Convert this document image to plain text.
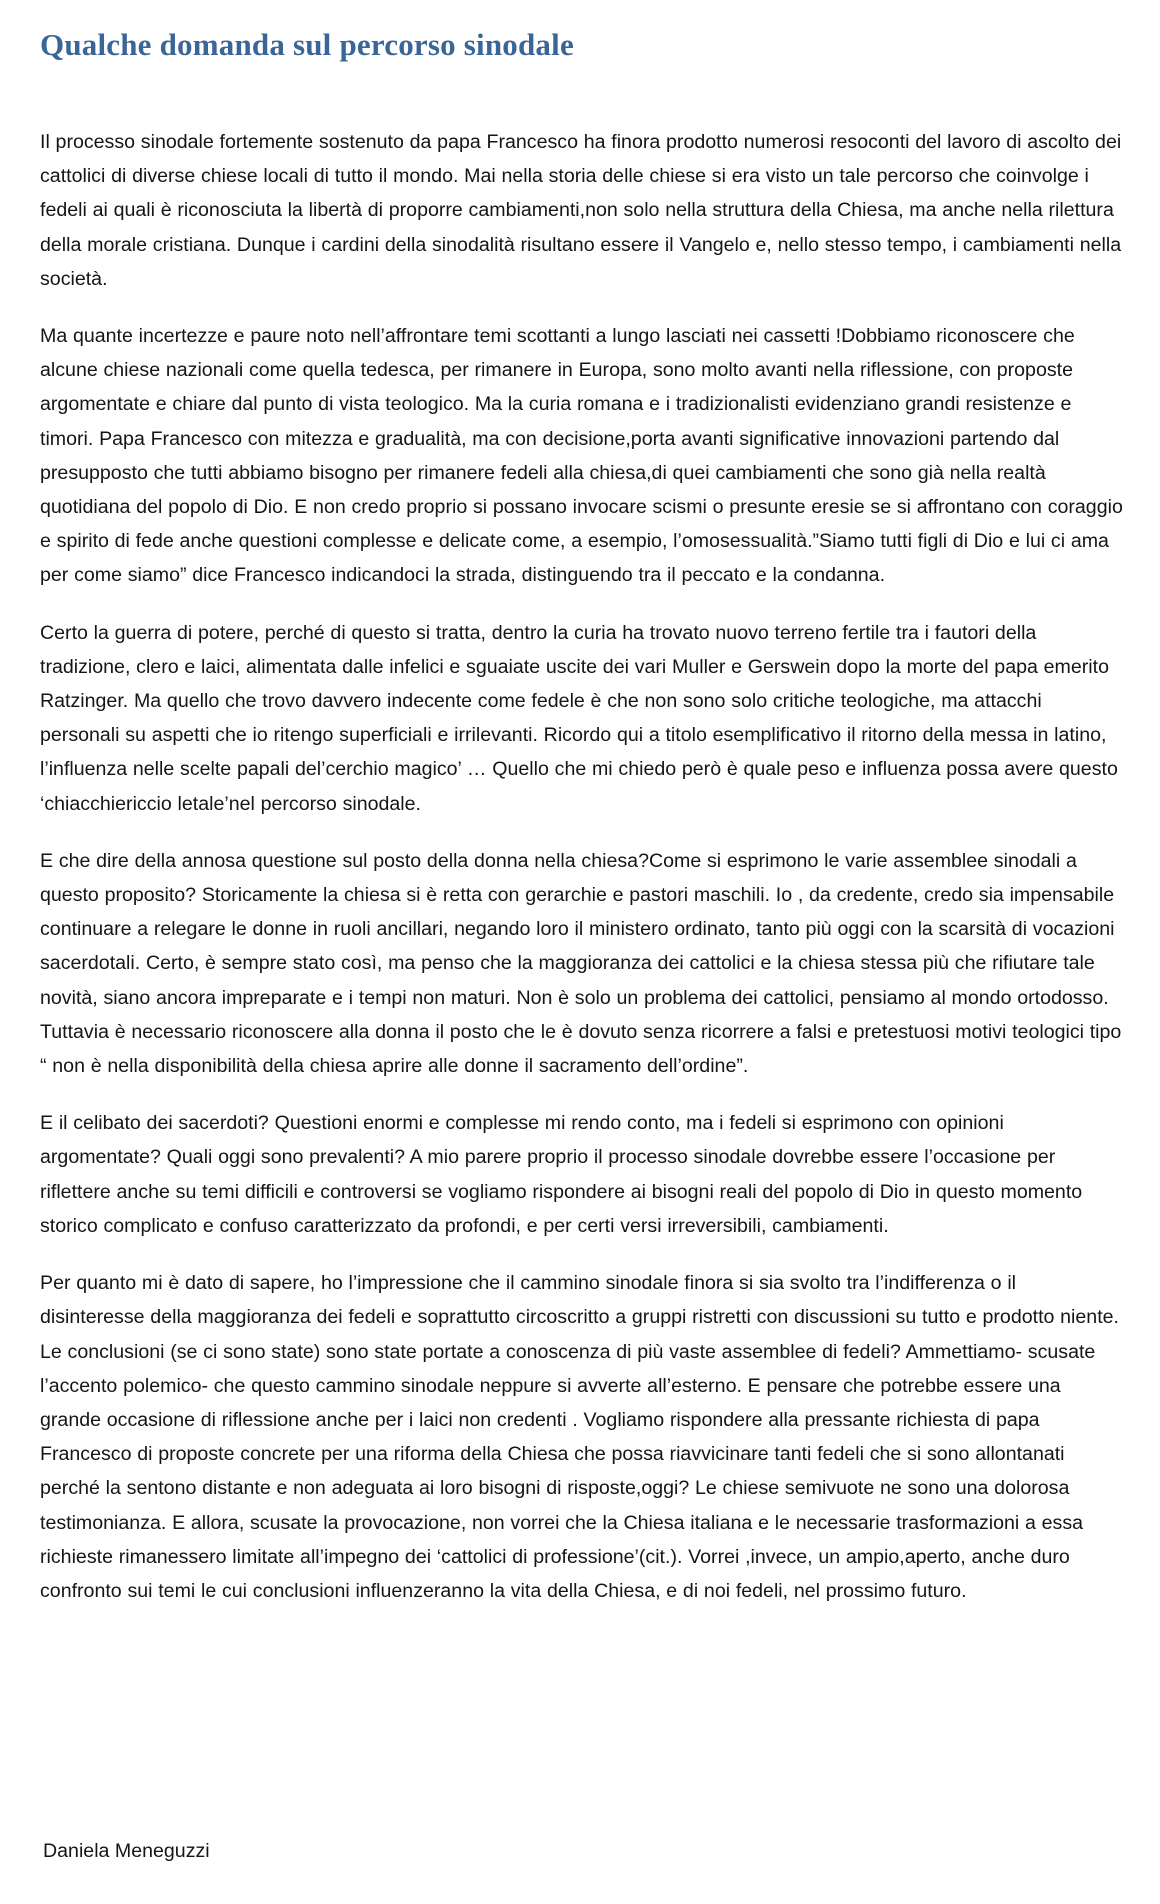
Qualche domanda sul percorso sinodale

Il processo sinodale fortemente sostenuto da papa Francesco ha finora prodotto numerosi resoconti del lavoro di ascolto dei cattolici di diverse chiese locali di tutto il mondo. Mai nella storia delle chiese si era visto un tale percorso che coinvolge i fedeli ai quali è riconosciuta la libertà di proporre cambiamenti,non solo nella struttura della Chiesa, ma anche nella rilettura della morale cristiana. Dunque i cardini della sinodalità risultano essere il Vangelo e, nello stesso tempo, i cambiamenti nella società.

Ma quante incertezze e paure noto nell’affrontare temi scottanti a lungo lasciati nei cassetti !Dobbiamo riconoscere che alcune chiese nazionali come quella tedesca, per rimanere in Europa, sono molto avanti nella riflessione, con proposte argomentate e chiare dal punto di vista teologico. Ma la curia romana e i tradizionalisti evidenziano grandi resistenze e timori. Papa Francesco con mitezza e gradualità, ma con decisione,porta avanti significative innovazioni partendo dal presupposto che tutti abbiamo bisogno per rimanere fedeli alla chiesa,di quei cambiamenti che sono già nella realtà quotidiana del popolo di Dio. E non credo proprio si possano invocare scismi o presunte eresie se si affrontano con coraggio e spirito di fede anche questioni complesse e delicate come, a esempio, l’omosessualità.”Siamo tutti figli di Dio e lui ci ama per come siamo” dice Francesco indicandoci la strada, distinguendo tra il peccato e la condanna.

Certo la guerra di potere, perché di questo si tratta, dentro la curia ha trovato nuovo terreno fertile tra i fautori della tradizione, clero e laici, alimentata dalle infelici e sguaiate uscite dei vari Muller e Gerswein dopo la morte del papa emerito Ratzinger. Ma quello che trovo davvero indecente come fedele è che non sono solo critiche teologiche, ma attacchi personali su aspetti che io ritengo superficiali e irrilevanti. Ricordo qui a titolo esemplificativo il ritorno della messa in latino, l’influenza nelle scelte papali del’cerchio magico’ … Quello che mi chiedo però è quale peso e influenza possa avere questo ‘chiacchiericcio letale’nel percorso sinodale.

E che dire della annosa questione sul posto della donna nella chiesa?Come si esprimono le varie assemblee sinodali a questo proposito? Storicamente la chiesa si è retta con gerarchie e pastori maschili. Io , da credente, credo sia impensabile continuare a relegare le donne in ruoli ancillari, negando loro il ministero ordinato, tanto più oggi con la scarsità di vocazioni sacerdotali. Certo, è sempre stato così, ma penso che la maggioranza dei cattolici e la chiesa stessa più che rifiutare tale novità, siano ancora impreparate e i tempi non maturi. Non è solo un problema dei cattolici, pensiamo al mondo ortodosso. Tuttavia è necessario riconoscere alla donna il posto che le è dovuto senza ricorrere a falsi e pretestuosi motivi teologici tipo “ non è nella disponibilità della chiesa aprire alle donne il sacramento dell’ordine”.

E il celibato dei sacerdoti? Questioni enormi e complesse mi rendo conto, ma i fedeli si esprimono con opinioni argomentate? Quali oggi sono prevalenti? A mio parere proprio il processo sinodale dovrebbe essere l’occasione per riflettere anche su temi difficili e controversi se vogliamo rispondere ai bisogni reali del popolo di Dio in questo momento storico complicato e confuso caratterizzato da profondi, e per certi versi irreversibili, cambiamenti.

Per quanto mi è dato di sapere, ho l’impressione che il cammino sinodale finora si sia svolto tra l’indifferenza o il disinteresse della maggioranza dei fedeli e soprattutto circoscritto a gruppi ristretti con discussioni su tutto e prodotto niente. Le conclusioni (se ci sono state) sono state portate a conoscenza di più vaste assemblee di fedeli? Ammettiamo- scusate l’accento polemico- che questo cammino sinodale neppure si avverte all’esterno. E pensare che potrebbe essere una grande occasione di riflessione anche per i laici non credenti . Vogliamo rispondere alla pressante richiesta di papa Francesco di proposte concrete per una riforma della Chiesa che possa riavvicinare tanti fedeli che si sono allontanati perché la sentono distante e non adeguata ai loro bisogni di risposte,oggi? Le chiese semivuote ne sono una dolorosa testimonianza. E allora, scusate la provocazione, non vorrei che la Chiesa italiana e le necessarie trasformazioni a essa richieste rimanessero limitate all’impegno dei ‘cattolici di professione’(cit.). Vorrei ,invece, un ampio,aperto, anche duro confronto sui temi le cui conclusioni influenzeranno la vita della Chiesa, e di noi fedeli, nel prossimo futuro.

Daniela Meneguzzi
